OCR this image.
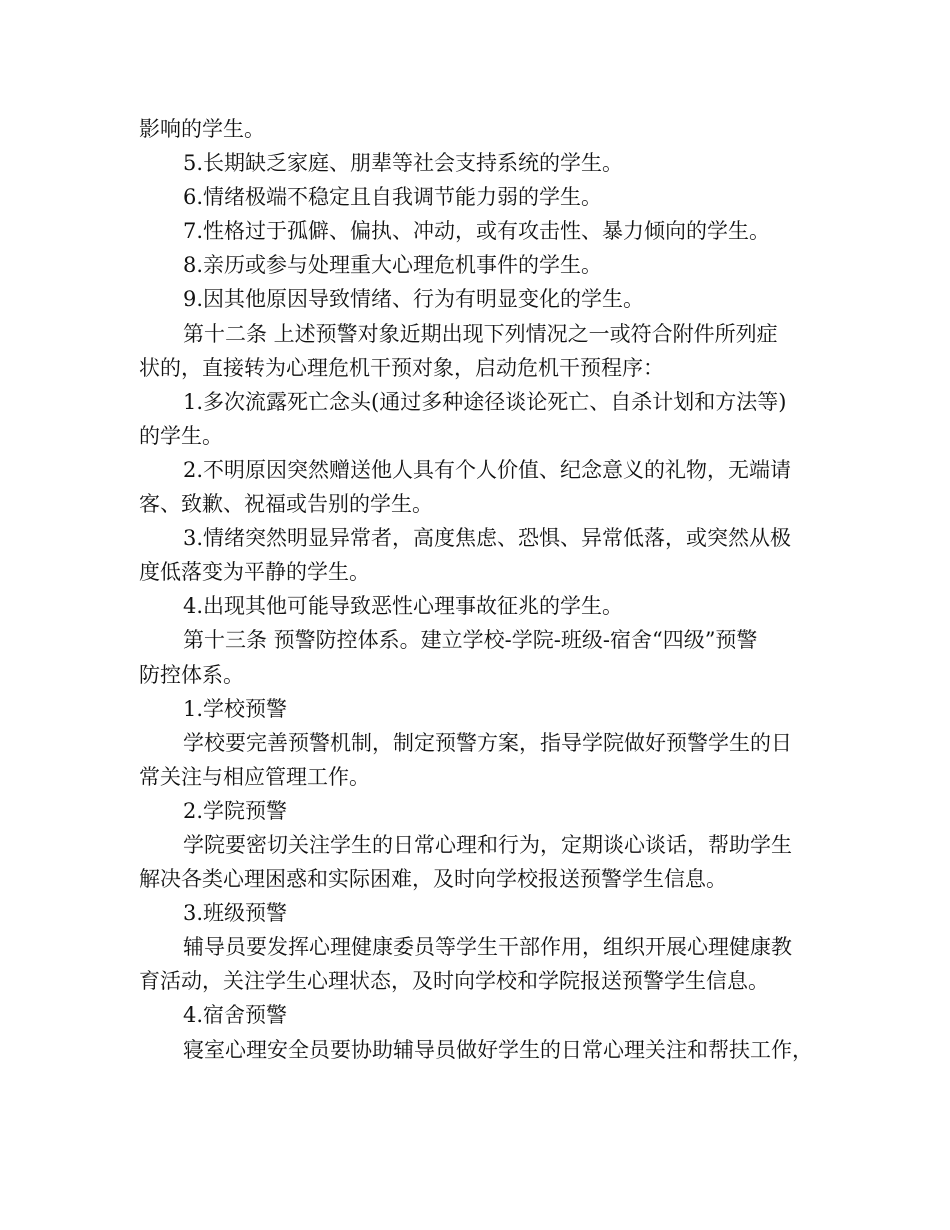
影响的学生。
5.长期缺乏家庭、朋辈等社会支持系统的学生。
6.情绪极端不稳定且自我调节能力弱的学生。
7.性格过于孤僻、偏执、冲动，或有攻击性、暴力倾向的学生。
8.亲历或参与处理重大心理危机事件的学生。
9.因其他原因导致情绪、行为有明显变化的学生。
第十二条 上述预警对象近期出现下列情况之一或符合附件所列症
状的，直接转为心理危机干预对象，启动危机干预程序：
1.多次流露死亡念头(通过多种途径谈论死亡、自杀计划和方法等)
的学生。
2.不明原因突然赠送他人具有个人价值、纪念意义的礼物，无端请
客、致歉、祝福或告别的学生。
3.情绪突然明显异常者，高度焦虑、恐惧、异常低落，或突然从极
度低落变为平静的学生。
4.出现其他可能导致恶性心理事故征兆的学生。
第十三条 预警防控体系。建立学校-学院-班级-宿舍“四级”预警
防控体系。
1.学校预警
学校要完善预警机制，制定预警方案，指导学院做好预警学生的日
常关注与相应管理工作。
2.学院预警
学院要密切关注学生的日常心理和行为，定期谈心谈话，帮助学生
解决各类心理困惑和实际困难，及时向学校报送预警学生信息。
3.班级预警
辅导员要发挥心理健康委员等学生干部作用，组织开展心理健康教
育活动，关注学生心理状态，及时向学校和学院报送预警学生信息。
4.宿舍预警
寝室心理安全员要协助辅导员做好学生的日常心理关注和帮扶工作，
